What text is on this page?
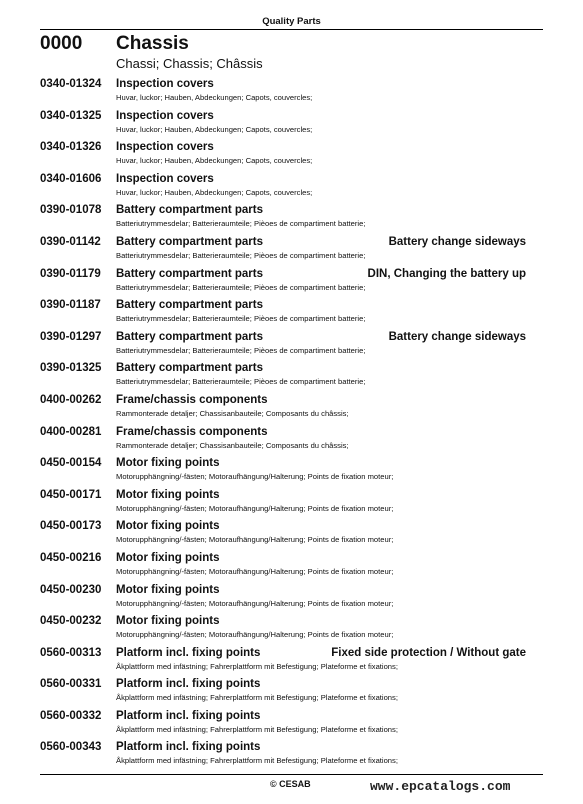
Quality Parts
0000 Chassis
Chassi; Chassis; Châssis
0340-01324 Inspection covers
Huvar, luckor; Hauben, Abdeckungen; Capots, couvercles;
0340-01325 Inspection covers
Huvar, luckor; Hauben, Abdeckungen; Capots, couvercles;
0340-01326 Inspection covers
Huvar, luckor; Hauben, Abdeckungen; Capots, couvercles;
0340-01606 Inspection covers
Huvar, luckor; Hauben, Abdeckungen; Capots, couvercles;
0390-01078 Battery compartment parts
Batteriutrymmesdelar; Batterieraumteile; Pièoes de compartiment batterie;
0390-01142 Battery compartment parts	Battery change sideways
Batteriutrymmesdelar; Batterieraumteile; Pièoes de compartiment batterie;
0390-01179 Battery compartment parts	DIN, Changing the battery up
Batteriutrymmesdelar; Batterieraumteile; Pièoes de compartiment batterie;
0390-01187 Battery compartment parts
Batteriutrymmesdelar; Batterieraumteile; Pièoes de compartiment batterie;
0390-01297 Battery compartment parts	Battery change sideways
Batteriutrymmesdelar; Batterieraumteile; Pièoes de compartiment batterie;
0390-01325 Battery compartment parts
Batteriutrymmesdelar; Batterieraumteile; Pièoes de compartiment batterie;
0400-00262 Frame/chassis components
Rammonterade detaljer; Chassisanbauteile; Composants du châssis;
0400-00281 Frame/chassis components
Rammonterade detaljer; Chassisanbauteile; Composants du châssis;
0450-00154 Motor fixing points
Motorupphängning/-fästen; Motoraufhängung/Halterung; Points de fixation moteur;
0450-00171 Motor fixing points
Motorupphängning/-fästen; Motoraufhängung/Halterung; Points de fixation moteur;
0450-00173 Motor fixing points
Motorupphängning/-fästen; Motoraufhängung/Halterung; Points de fixation moteur;
0450-00216 Motor fixing points
Motorupphängning/-fästen; Motoraufhängung/Halterung; Points de fixation moteur;
0450-00230 Motor fixing points
Motorupphängning/-fästen; Motoraufhängung/Halterung; Points de fixation moteur;
0450-00232 Motor fixing points
Motorupphängning/-fästen; Motoraufhängung/Halterung; Points de fixation moteur;
0560-00313 Platform incl. fixing points	Fixed side protection / Without gate
Åkplattform med infästning; Fahrerplattform mit Befestigung; Plateforme et fixations;
0560-00331 Platform incl. fixing points
Åkplattform med infästning; Fahrerplattform mit Befestigung; Plateforme et fixations;
0560-00332 Platform incl. fixing points
Åkplattform med infästning; Fahrerplattform mit Befestigung; Plateforme et fixations;
0560-00343 Platform incl. fixing points
Åkplattform med infästning; Fahrerplattform mit Befestigung; Plateforme et fixations;
© CESAB	www.epcatalogs.com
